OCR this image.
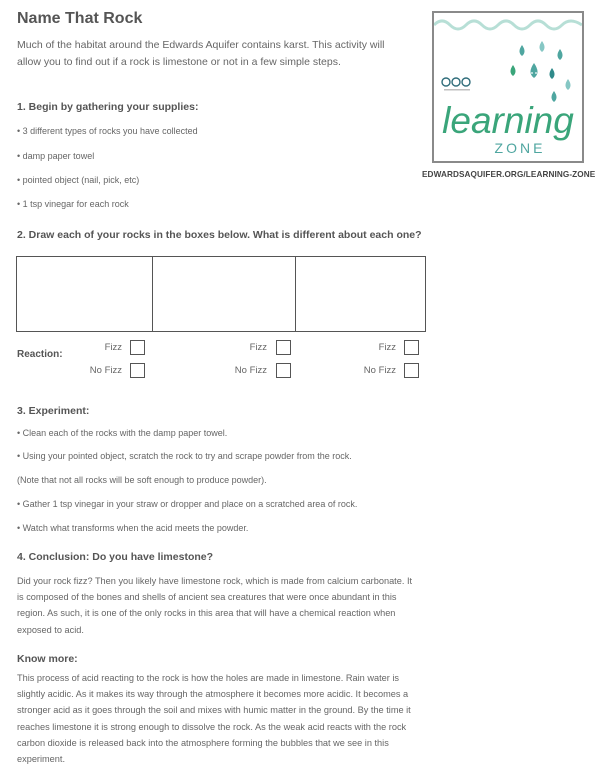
Name That Rock
Much of the habitat around the Edwards Aquifer contains karst. This activity will allow you to find out if a rock is limestone or not in a few simple steps.
learning
ZONE
EDWARDSAQUIFER.ORG/LEARNING-ZONE
1. Begin by gathering your supplies:
• 3 different types of rocks you have collected
• damp paper towel
• pointed object (nail, pick, etc)
• 1 tsp vinegar for each rock
2. Draw each of your rocks in the boxes below. What is different about each one?
Reaction:
Fizz
No Fizz
Fizz
No Fizz
Fizz
No Fizz
3. Experiment:
• Clean each of the rocks with the damp paper towel.
• Using your pointed object, scratch the rock to try and scrape powder from the rock.
(Note that not all rocks will be soft enough to produce powder).
• Gather 1 tsp vinegar in your straw or dropper and place on a scratched area of rock.
• Watch what transforms when the acid meets the powder.
4. Conclusion: Do you have limestone?
Did your rock fizz? Then you likely have limestone rock, which is made from calcium carbonate. It is composed of the bones and shells of ancient sea creatures that were once abundant in this region. As such, it is one of the only rocks in this area that will have a chemical reaction when exposed to acid.
Know more:
This process of acid reacting to the rock is how the holes are made in limestone. Rain water is slightly acidic. As it makes its way through the atmosphere it becomes more acidic. It becomes a stronger acid as it goes through the soil and mixes with humic matter in the ground. By the time it reaches limestone it is strong enough to dissolve the rock. As the weak acid reacts with the rock carbon dioxide is released back into the atmosphere forming the bubbles that we see in this experiment.
